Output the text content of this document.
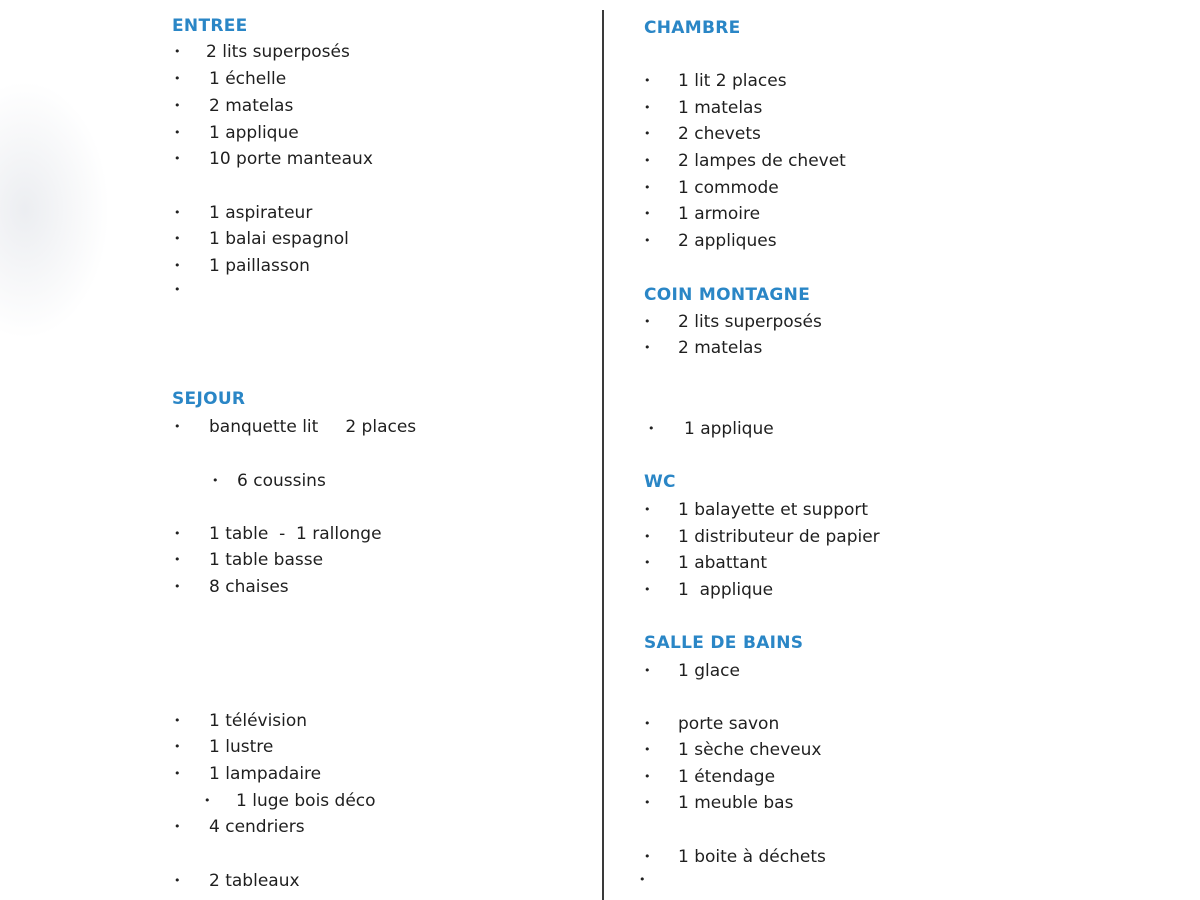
ENTREE
• 2 lits superposés
• 1 échelle
• 2 matelas
• 1 applique
• 10 porte manteaux
• 1 aspirateur
• 1 balai espagnol
• 1 paillasson
•
SEJOUR
• banquette lit     2 places
• 6 coussins
• 1 table  -  1 rallonge
• 1 table basse
• 8 chaises
• 1 télévision
• 1 lustre
• 1 lampadaire
• 1 luge bois déco
• 4 cendriers
• 2 tableaux
CHAMBRE
• 1 lit 2 places
• 1 matelas
• 2 chevets
• 2 lampes de chevet
• 1 commode
• 1 armoire
• 2 appliques
COIN MONTAGNE
• 2 lits superposés
• 2 matelas
• 1 applique
WC
• 1 balayette et support
• 1 distributeur de papier
• 1 abattant
• 1  applique
SALLE DE BAINS
• 1 glace
• porte savon
• 1 sèche cheveux
• 1 étendage
• 1 meuble bas
• 1 boite à déchets
•
